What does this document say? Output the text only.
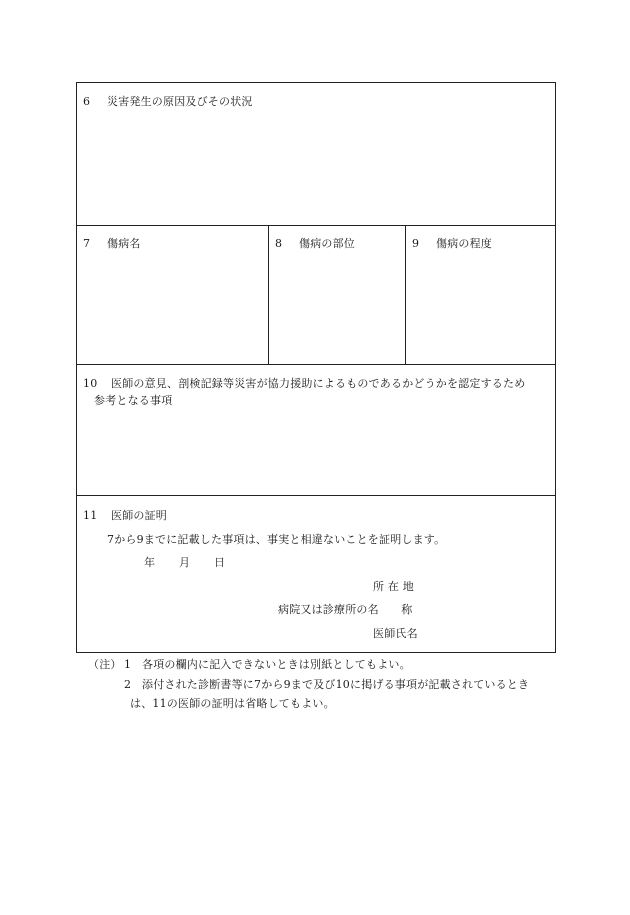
6 災害発生の原因及びその状況
7 傷病名	8 傷病の部位	9 傷病の程度
10 医師の意見、剖検記録等災害が協力援助によるものであるかどうかを認定するため
参考となる事項
11 医師の証明
7から9までに記載した事項は、事実と相違ないことを証明します。
年 月 日
所 在 地
病院又は診療所の名　　称
医師氏名
（注） 1 各項の欄内に記入できないときは別紙としてもよい。
2 添付された診断書等に7から9まで及び10に掲げる事項が記載されているとき
は、11の医師の証明は省略してもよい。
